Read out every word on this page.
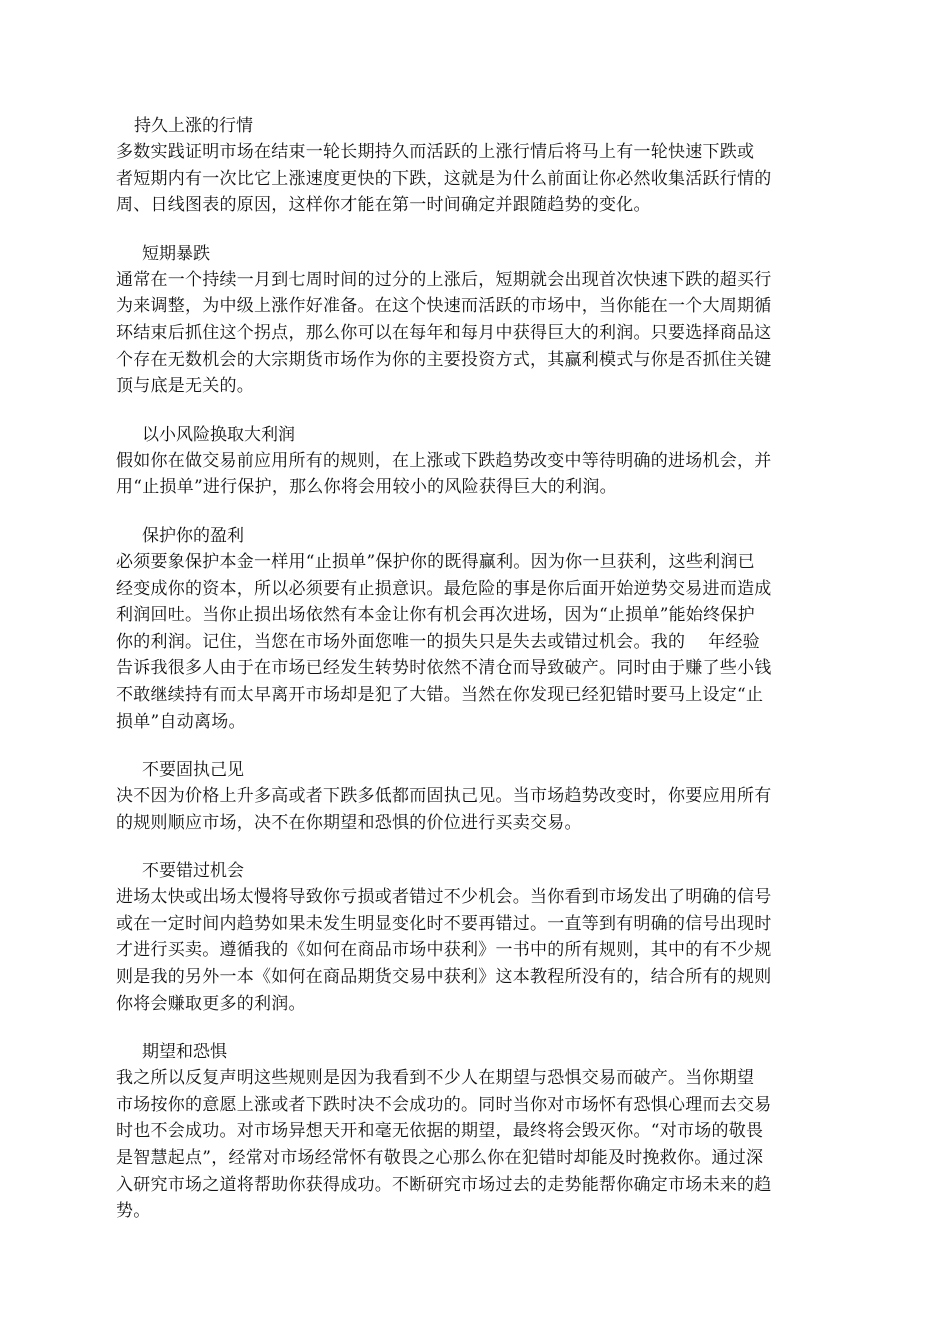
持久上涨的行情
多数实践证明市场在结束一轮长期持久而活跃的上涨行情后将马上有一轮快速下跌或
者短期内有一次比它上涨速度更快的下跌，这就是为什么前面让你必然收集活跃行情的
周、日线图表的原因，这样你才能在第一时间确定并跟随趋势的变化。
短期暴跌
通常在一个持续一月到七周时间的过分的上涨后，短期就会出现首次快速下跌的超买行
为来调整，为中级上涨作好准备。在这个快速而活跃的市场中，当你能在一个大周期循
环结束后抓住这个拐点，那么你可以在每年和每月中获得巨大的利润。只要选择商品这
个存在无数机会的大宗期货市场作为你的主要投资方式，其赢利模式与你是否抓住关键
顶与底是无关的。
以小风险换取大利润
假如你在做交易前应用所有的规则，在上涨或下跌趋势改变中等待明确的进场机会，并
用“止损单”进行保护，那么你将会用较小的风险获得巨大的利润。
保护你的盈利
必须要象保护本金一样用“止损单”保护你的既得赢利。因为你一旦获利，这些利润已
经变成你的资本，所以必须要有止损意识。最危险的事是你后面开始逆势交易进而造成
利润回吐。当你止损出场依然有本金让你有机会再次进场，因为“止损单”能始终保护
你的利润。记住，当您在市场外面您唯一的损失只是失去或错过机会。我的　 年经验
告诉我很多人由于在市场已经发生转势时依然不清仓而导致破产。同时由于赚了些小钱
不敢继续持有而太早离开市场却是犯了大错。当然在你发现已经犯错时要马上设定“止
损单”自动离场。
不要固执己见
决不因为价格上升多高或者下跌多低都而固执己见。当市场趋势改变时，你要应用所有
的规则顺应市场，决不在你期望和恐惧的价位进行买卖交易。
不要错过机会
进场太快或出场太慢将导致你亏损或者错过不少机会。当你看到市场发出了明确的信号
或在一定时间内趋势如果未发生明显变化时不要再错过。一直等到有明确的信号出现时
才进行买卖。遵循我的《如何在商品市场中获利》一书中的所有规则，其中的有不少规
则是我的另外一本《如何在商品期货交易中获利》这本教程所没有的，结合所有的规则
你将会赚取更多的利润。
期望和恐惧
我之所以反复声明这些规则是因为我看到不少人在期望与恐惧交易而破产。当你期望
市场按你的意愿上涨或者下跌时决不会成功的。同时当你对市场怀有恐惧心理而去交易
时也不会成功。对市场异想天开和毫无依据的期望，最终将会毁灭你。“对市场的敬畏
是智慧起点”，经常对市场经常怀有敬畏之心那么你在犯错时却能及时挽救你。通过深
入研究市场之道将帮助你获得成功。不断研究市场过去的走势能帮你确定市场未来的趋
势。
